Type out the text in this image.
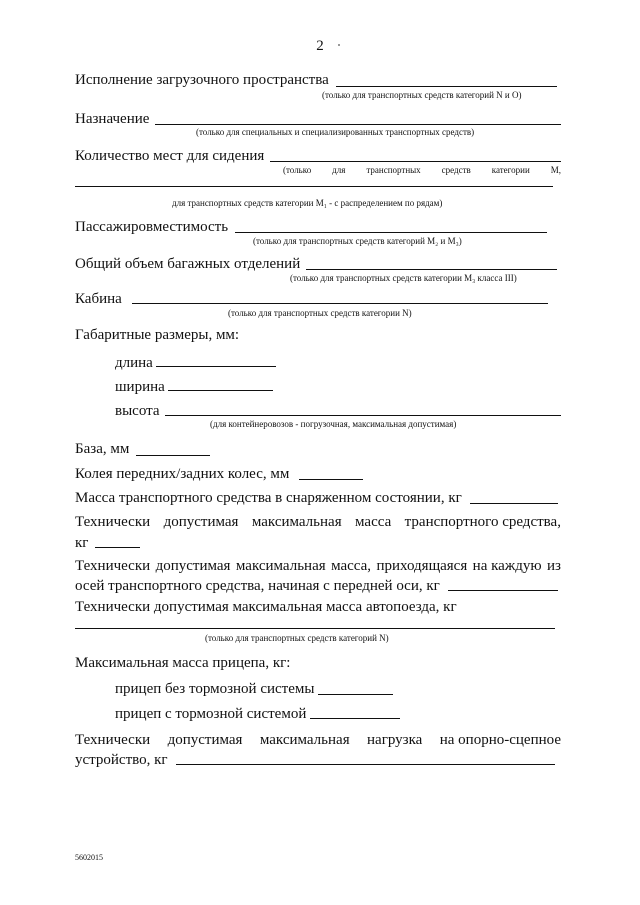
2
Исполнение загрузочного пространства
(только для транспортных средств категорий N и O)
Назначение
(только для специальных и специализированных транспортных средств)
Количество мест для сидения
(только для транспортных средств категории M,
для транспортных средств категории M₁ - с распределением по рядам)
Пассажировместимость
(только для транспортных средств категорий M₂ и M₃)
Общий объем багажных отделений
(только для транспортных средств категории M₃ класса III)
Кабина
(только для транспортных средств категории N)
Габаритные размеры, мм:
длина
ширина
высота
(для контейнеровозов - погрузочная, максимальная допустимая)
База, мм
Колея передних/задних колес, мм
Масса транспортного средства в снаряженном состоянии, кг
Технически допустимая максимальная масса транспортного средства,
кг
Технически допустимая максимальная масса, приходящаяся на каждую из
осей транспортного средства, начиная с передней оси, кг
Технически допустимая максимальная масса автопоезда, кг
(только для транспортных средств категорий N)
Максимальная масса прицепа, кг:
прицеп без тормозной системы
прицеп с тормозной системой
Технически допустимая максимальная нагрузка на опорно-сцепное
устройство, кг
5602015
